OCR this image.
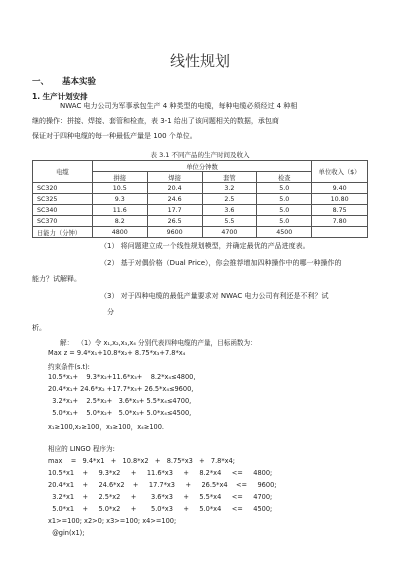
线性规划
一、 基本实验
1. 生产计划安排
NWAC 电力公司为军事承包生产 4 种类型的电缆，每种电缆必须经过 4 种相
继的操作：拼接、焊接、套管和检查，表 3-1 给出了该问题相关的数据，承包商
保证对于四种电缆的每一种最低产量是 100 个单位。
表 3.1 不同产品的生产时间及收入
电缆	单位分钟数				单位收入（$）
	拼接	焊接	套管	检查	
SC320	10.5	20.4	3.2	5.0	9.40
SC325	9.3	24.6	2.5	5.0	10.80
SC340	11.6	17.7	3.6	5.0	8.75
SC370	8.2	26.5	5.5	5.0	7.80
日能力（分钟）	4800	9600	4700	4500	
（1） 将问题建立成一个线性规划模型，并确定最优的产品进度表。
（2） 基于对偶价格（Dual Price），你会推荐增加四种操作中的哪一种操作的
能力？试解释。
（3） 对于四种电缆的最低产量要求对 NWAC 电力公司有利还是不利？试
分
析。
解：  （1）令 x₁,x₂,x₃,x₄ 分别代表四种电缆的产量，目标函数为：
Max z = 9.4*x₁+10.8*x₂+ 8.75*x₃+7.8*x₄
约束条件(s.t):
10.5*x₁+    9.3*x₂+11.6*x₃+    8.2*x₄≤4800,
20.4*x₁+ 24.6*x₂ +17.7*x₃+ 26.5*x₄≤9600,
3.2*x₁+    2.5*x₂+   3.6*x₃+ 5.5*x₄≤4700,
5.0*x₁+    5.0*x₂+   5.0*x₃+ 5.0*x₄≤4500,
x₁≥100,x₂≥100，x₃≥100，x₄≥100.
相应的 LINGO 程序为:
max    =   9.4*x1   +   10.8*x2   +   8.75*x3   +   7.8*x4;
10.5*x1    +     9.3*x2     +     11.6*x3     +     8.2*x4     <=     4800;
20.4*x1    +     24.6*x2    +     17.7*x3     +     26.5*x4    <=     9600;
3.2*x1    +     2.5*x2     +       3.6*x3     +     5.5*x4     <=     4700;
5.0*x1    +     5.0*x2     +       5.0*x3     +     5.0*x4     <=     4500;
x1>=100; x2>0; x3>=100; x4>=100;
@gin(x1);
